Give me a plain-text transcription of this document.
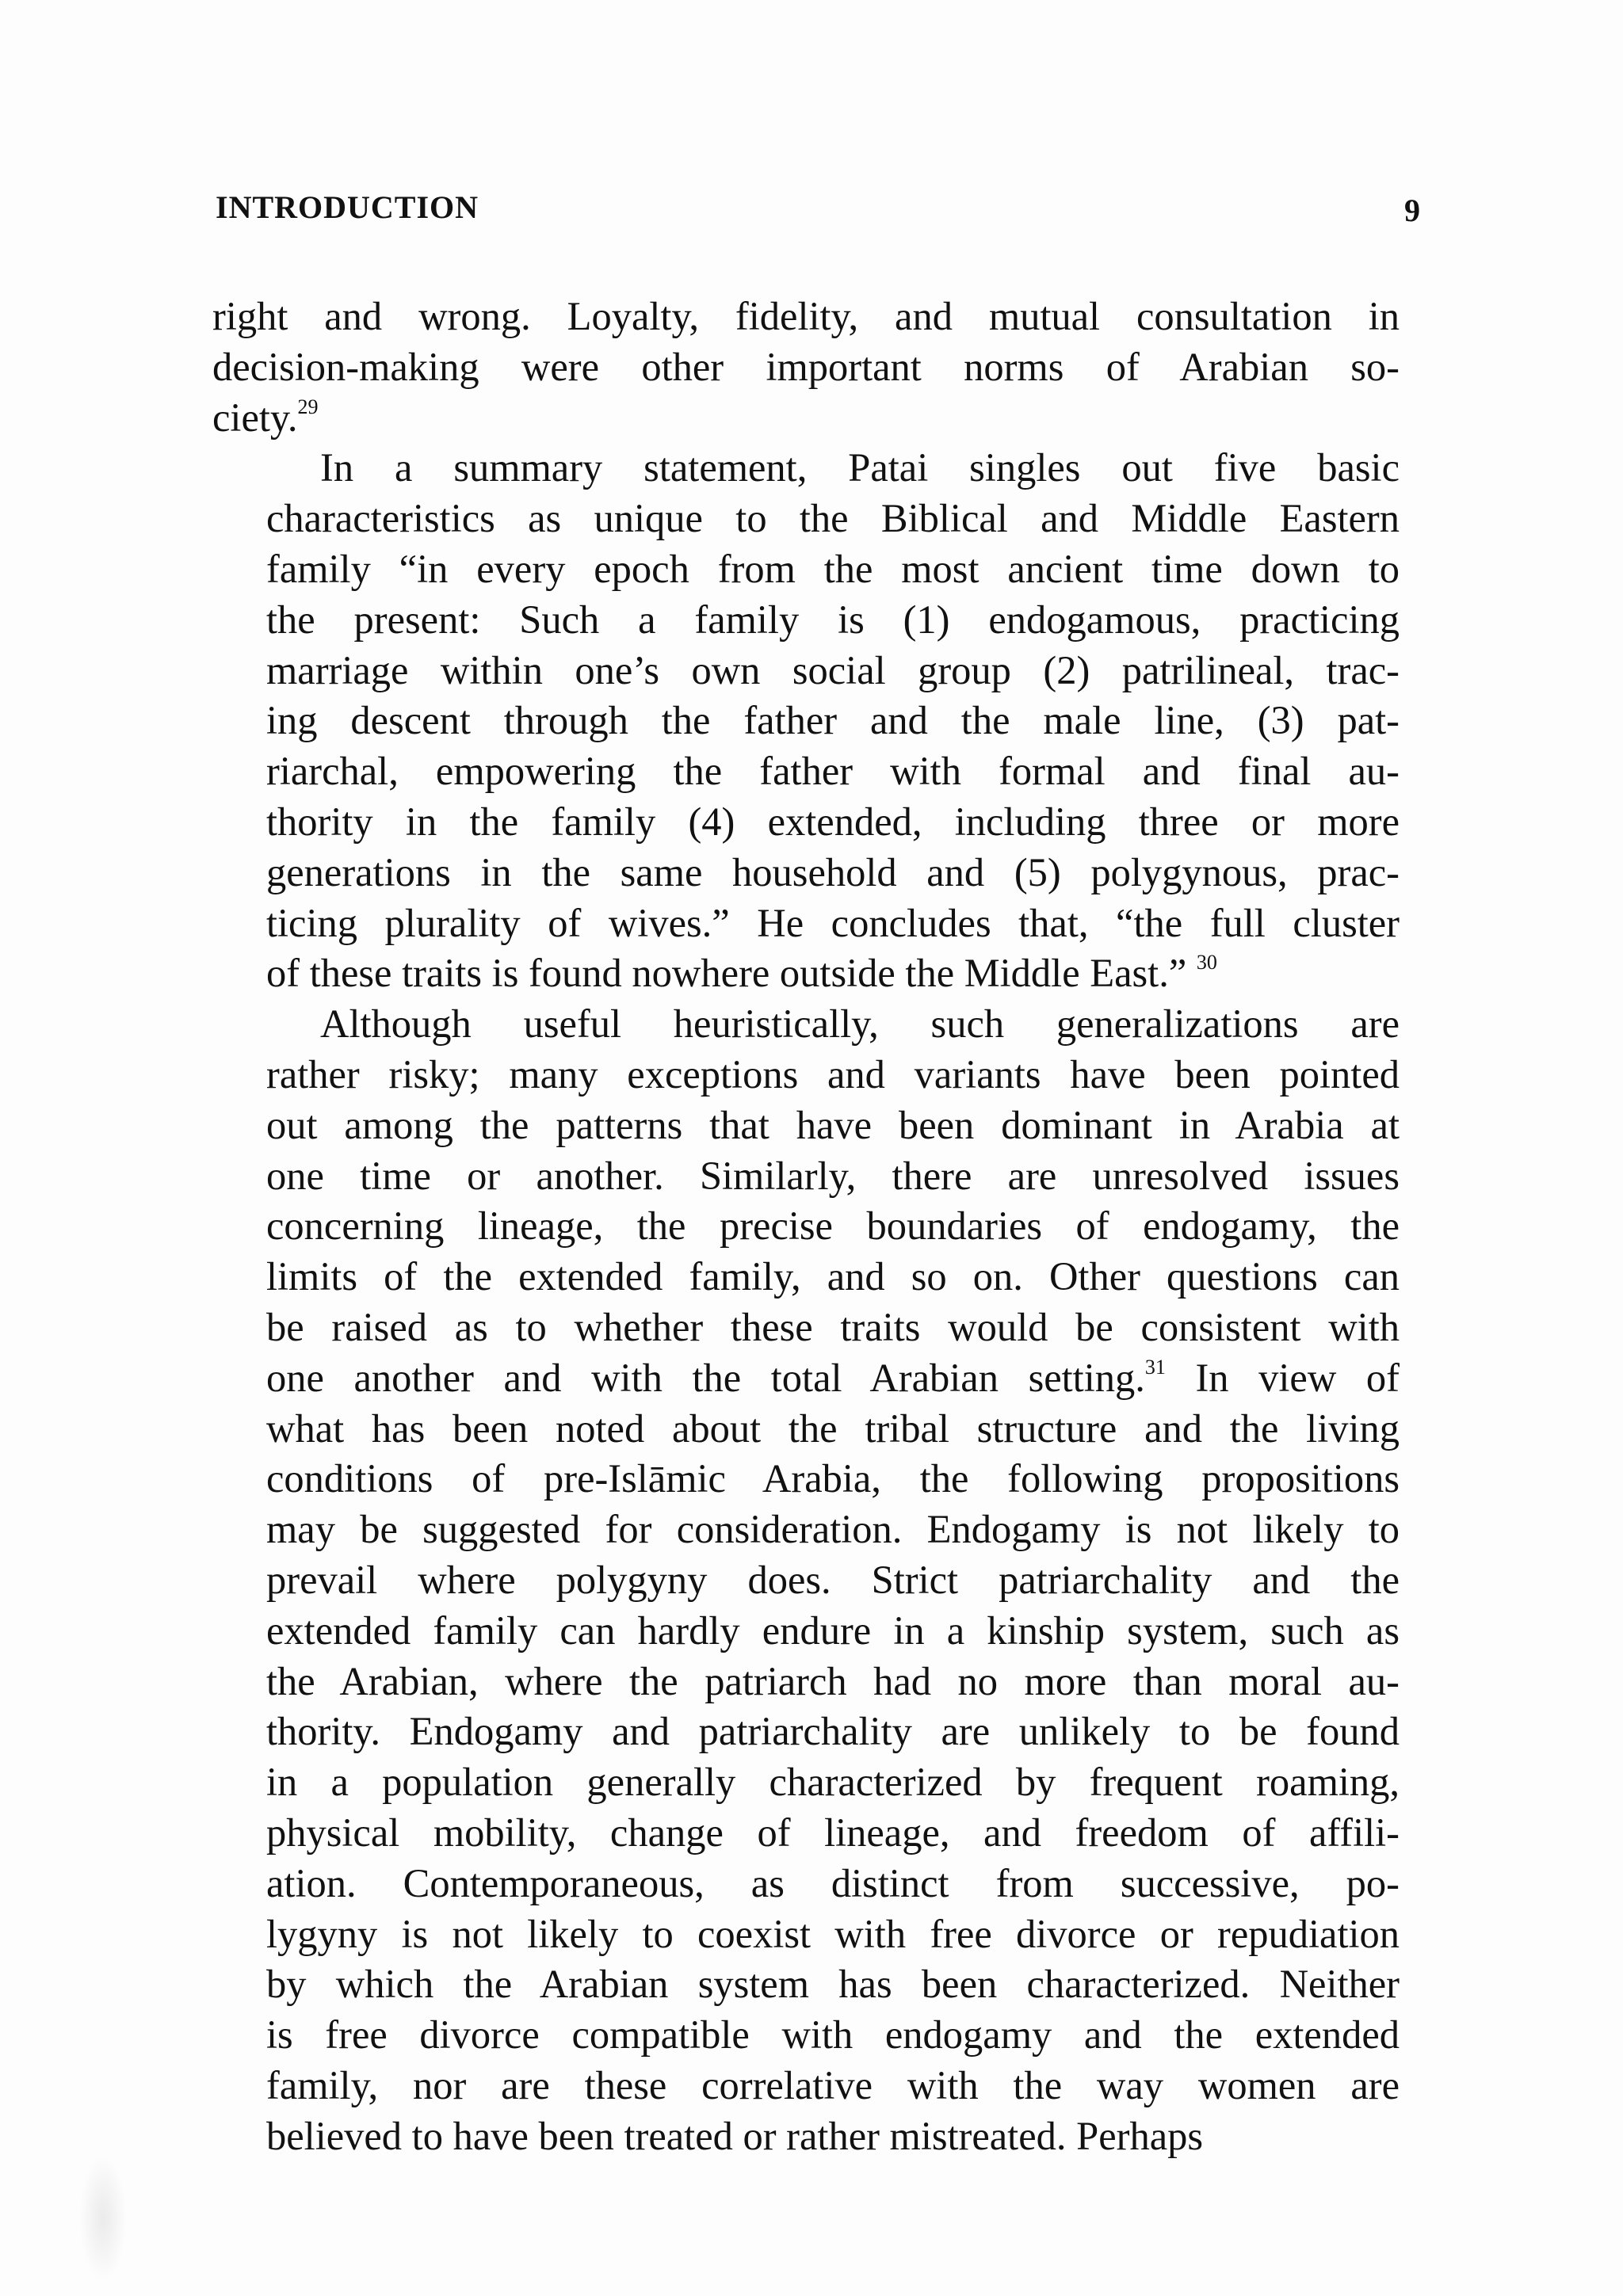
INTRODUCTION	9

right and wrong. Loyalty, fidelity, and mutual consultation in
decision-making were other important norms of Arabian so-
ciety.$^{29}$

In a summary statement, Patai singles out five basic
characteristics as unique to the Biblical and Middle Eastern
family “in every epoch from the most ancient time down to
the present: Such a family is (1) endogamous, practicing
marriage within one’s own social group (2) patrilineal, trac-
ing descent through the father and the male line, (3) pat-
riarchal, empowering the father with formal and final au-
thority in the family (4) extended, including three or more
generations in the same household and (5) polygynous, prac-
ticing plurality of wives.” He concludes that, “the full cluster
of these traits is found nowhere outside the Middle East.” $^{30}$

Although useful heuristically, such generalizations are
rather risky; many exceptions and variants have been pointed
out among the patterns that have been dominant in Arabia at
one time or another. Similarly, there are unresolved issues
concerning lineage, the precise boundaries of endogamy, the
limits of the extended family, and so on. Other questions can
be raised as to whether these traits would be consistent with
one another and with the total Arabian setting.$^{31}$ In view of
what has been noted about the tribal structure and the living
conditions of pre-Islāmic Arabia, the following propositions
may be suggested for consideration. Endogamy is not likely to
prevail where polygyny does. Strict patriarchality and the
extended family can hardly endure in a kinship system, such as
the Arabian, where the patriarch had no more than moral au-
thority. Endogamy and patriarchality are unlikely to be found
in a population generally characterized by frequent roaming,
physical mobility, change of lineage, and freedom of affili-
ation. Contemporaneous, as distinct from successive, po-
lygyny is not likely to coexist with free divorce or repudiation
by which the Arabian system has been characterized. Neither
is free divorce compatible with endogamy and the extended
family, nor are these correlative with the way women are
believed to have been treated or rather mistreated. Perhaps
